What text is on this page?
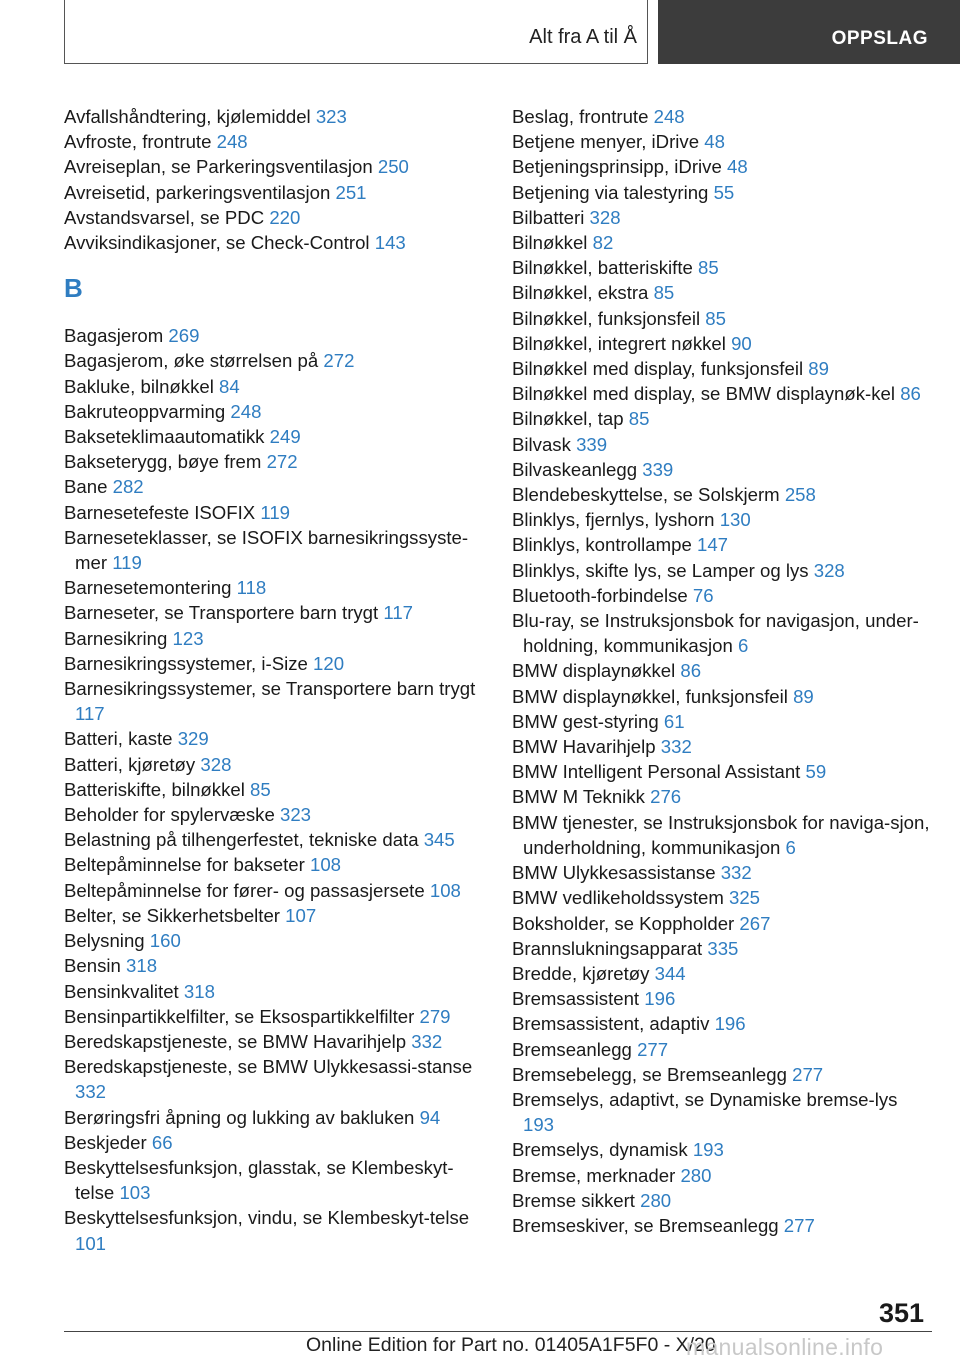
Alt fra A til Å	OPPSLAG
Avfallshåndtering, kjølemiddel 323
Avfroste, frontrute 248
Avreiseplan, se Parkeringsventilasjon 250
Avreisetid, parkeringsventilasjon 251
Avstandsvarsel, se PDC 220
Avviksindikasjoner, se Check-Control 143
B
Bagasjerom 269
Bagasjerom, øke størrelsen på 272
Bakluke, bilnøkkel 84
Bakruteoppvarming 248
Bakseteklimaautomatikk 249
Bakseterygg, bøye frem 272
Bane 282
Barnesetefeste ISOFIX 119
Barneseteklasser, se ISOFIX barnesikringssyste‐mer 119
Barnesetemontering 118
Barneseter, se Transportere barn trygt 117
Barnesikring 123
Barnesikringssystemer, i-Size 120
Barnesikringssystemer, se Transportere barn trygt 117
Batteri, kaste 329
Batteri, kjøretøy 328
Batteriskifte, bilnøkkel 85
Beholder for spylervæske 323
Belastning på tilhengerfestet, tekniske data 345
Beltepåminnelse for bakseter 108
Beltepåminnelse for fører- og passasjersete 108
Belter, se Sikkerhetsbelter 107
Belysning 160
Bensin 318
Bensinkvalitet 318
Bensinpartikkelfilter, se Eksospartikkelfilter 279
Beredskapstjeneste, se BMW Havarihjelp 332
Beredskapstjeneste, se BMW Ulykkesassi‐stanse 332
Berøringsfri åpning og lukking av bakluken 94
Beskjeder 66
Beskyttelsesfunksjon, glasstak, se Klembeskyt‐telse 103
Beskyttelsesfunksjon, vindu, se Klembeskyt‐telse 101
Beslag, frontrute 248
Betjene menyer, iDrive 48
Betjeningsprinsipp, iDrive 48
Betjening via talestyring 55
Bilbatteri 328
Bilnøkkel 82
Bilnøkkel, batteriskifte 85
Bilnøkkel, ekstra 85
Bilnøkkel, funksjonsfeil 85
Bilnøkkel, integrert nøkkel 90
Bilnøkkel med display, funksjonsfeil 89
Bilnøkkel med display, se BMW displaynøk‐kel 86
Bilnøkkel, tap 85
Bilvask 339
Bilvaskeanlegg 339
Blendebeskyttelse, se Solskjerm 258
Blinklys, fjernlys, lyshorn 130
Blinklys, kontrollampe 147
Blinklys, skifte lys, se Lamper og lys 328
Bluetooth-forbindelse 76
Blu-ray, se Instruksjonsbok for navigasjon, under‐holdning, kommunikasjon 6
BMW displaynøkkel 86
BMW displaynøkkel, funksjonsfeil 89
BMW gest-styring 61
BMW Havarihjelp 332
BMW Intelligent Personal Assistant 59
BMW M Teknikk 276
BMW tjenester, se Instruksjonsbok for naviga‐sjon, underholdning, kommunikasjon 6
BMW Ulykkesassistanse 332
BMW vedlikeholdssystem 325
Boksholder, se Koppholder 267
Brannslukningsapparat 335
Bredde, kjøretøy 344
Bremsassistent 196
Bremsassistent, adaptiv 196
Bremseanlegg 277
Bremsebelegg, se Bremseanlegg 277
Bremselys, adaptivt, se Dynamiske bremse‐lys 193
Bremselys, dynamisk 193
Bremse, merknader 280
Bremse sikkert 280
Bremseskiver, se Bremseanlegg 277
351
Online Edition for Part no. 01405A1F5F0 - X/20
manualsonline.info
